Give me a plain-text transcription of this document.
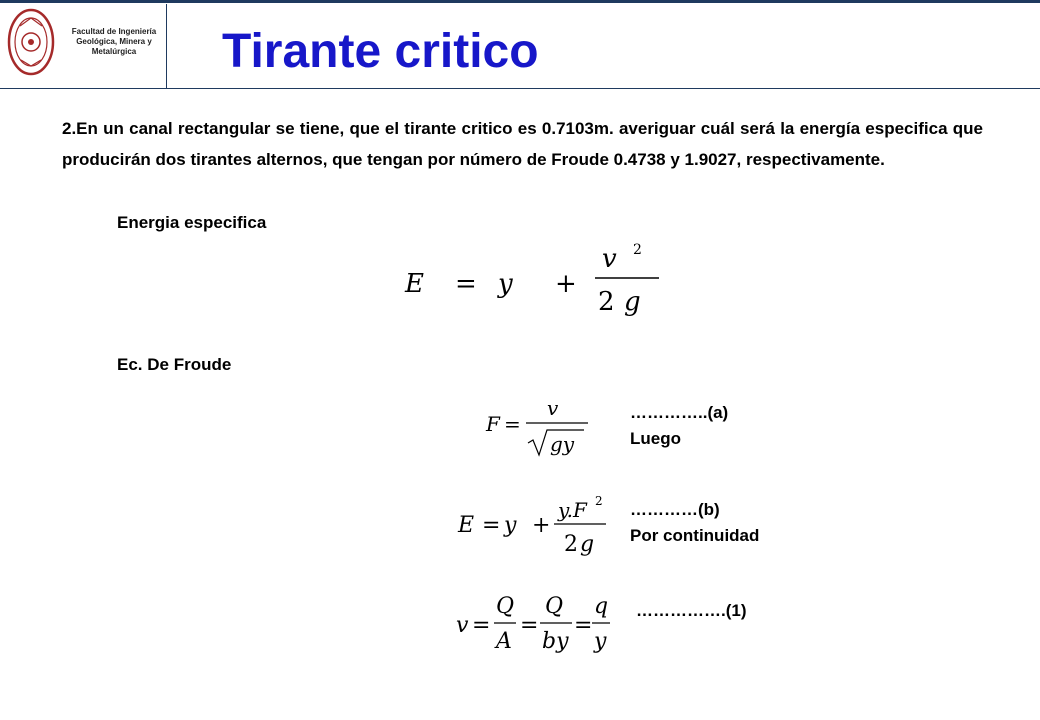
Facultad de Ingeniería
Geológica, Minera y
Metalúrgica	Tirante critico

2.En un canal rectangular se tiene, que el tirante critico es 0.7103m. averiguar cuál será la energía especifica que producirán dos tirantes alternos, que tengan por número de Froude 0.4738 y 1.9027, respectivamente.

Energia especifica
E = y +
v 2
2 g
Ec. De Froude
F =
v
gy
…………..(a)
Luego
E = y +
y.F 2
2 g
…………(b)
Por continuidad
v =
Q
A
=
Q
by
=
q
y
…………….(1)
